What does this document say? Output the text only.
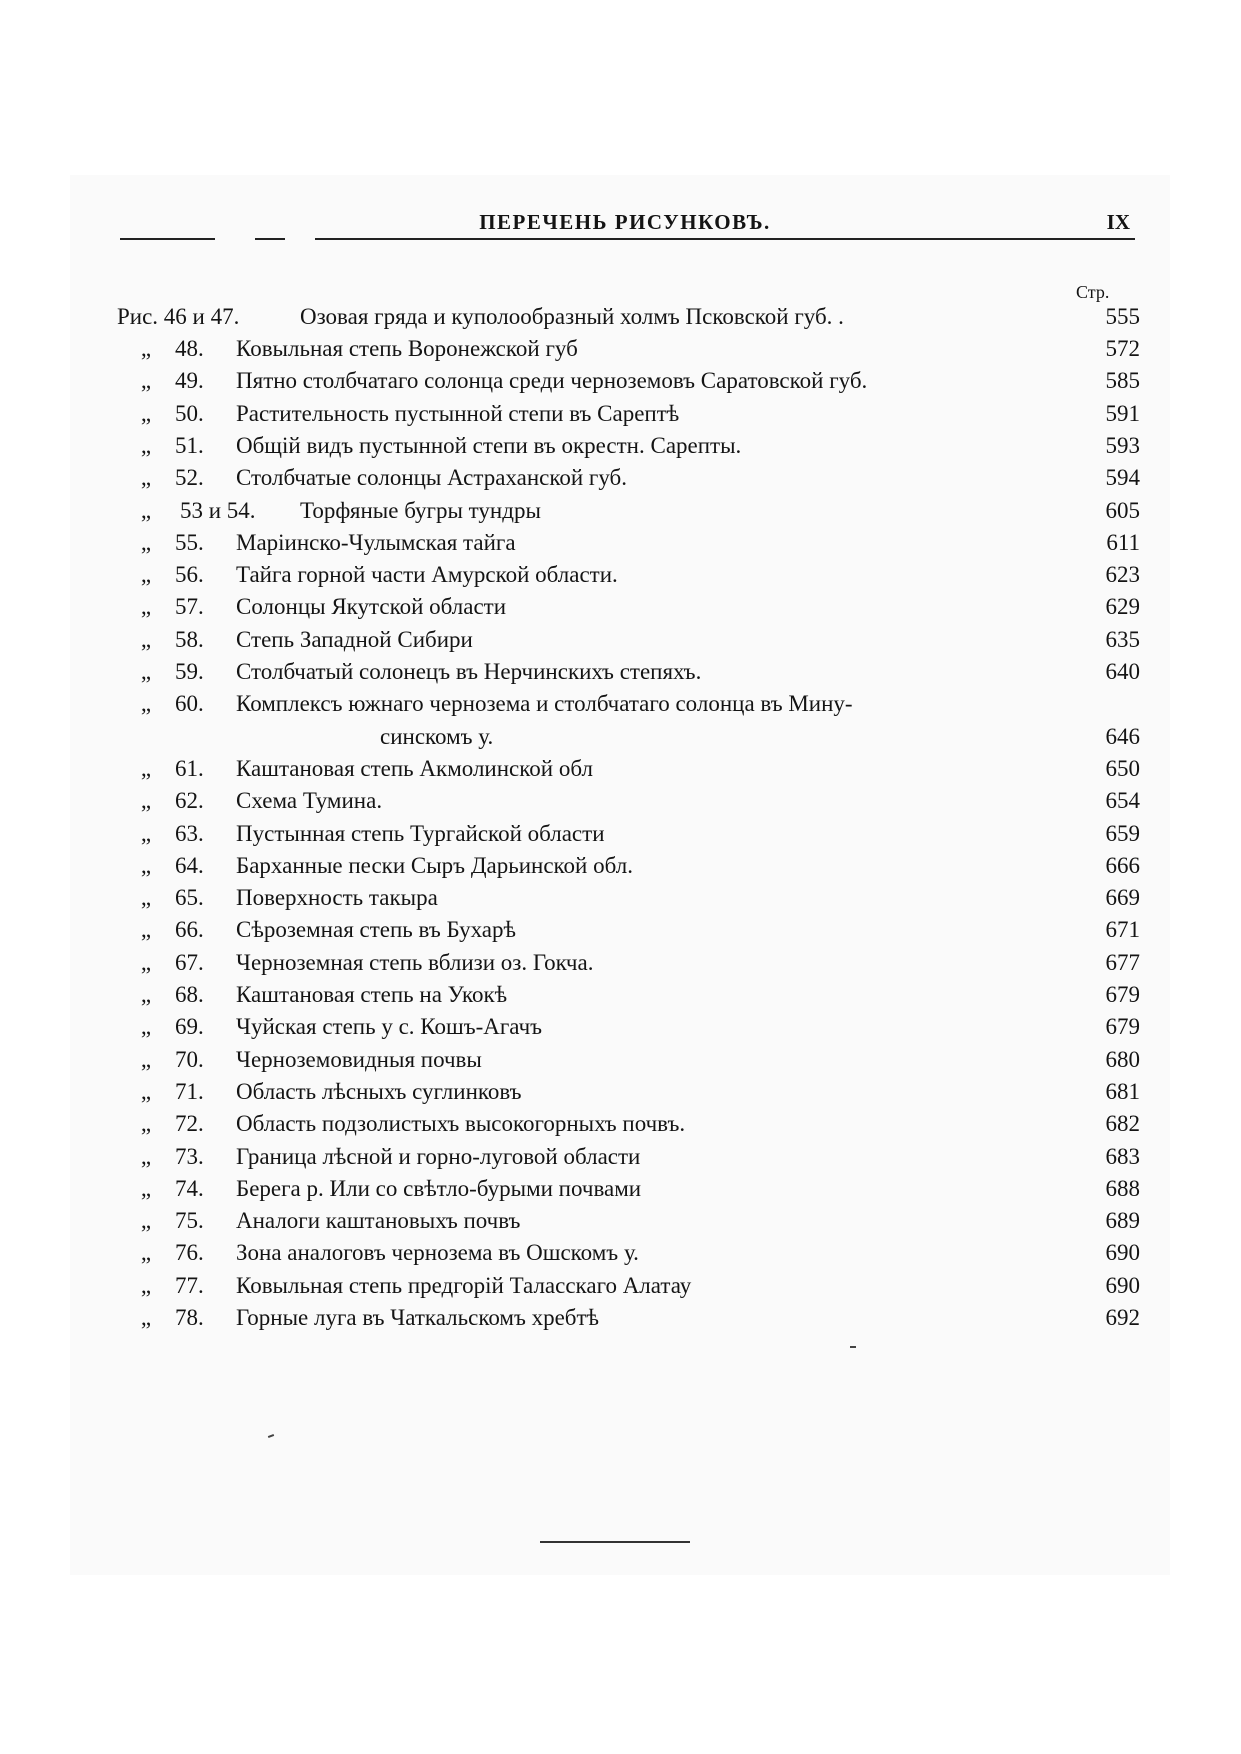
ПЕРЕЧЕНЬ РИСУНКОВЪ.	IX
Стр.
Рис. 46 и 47.	Озовая гряда и куполообразный холмъ Псковской губ. .	555
„ 48. Ковыльная степь Воронежской губ	572
„ 49. Пятно столбчатаго солонца среди черноземовъ Саратовской губ.	585
„ 50. Растительность пустынной степи въ Сарептѣ	591
„ 51. Общій видъ пустынной степи въ окрестн. Сарепты.	593
„ 52. Столбчатые солонцы Астраханской губ.	594
„ 53 и 54. Торфяные бугры тундры	605
„ 55. Маріинско-Чулымская тайга	611
„ 56. Тайга горной части Амурской области.	623
„ 57. Солонцы Якутской области	629
„ 58. Степь Западной Сибири	635
„ 59. Столбчатый солонецъ въ Нерчинскихъ степяхъ.	640
„ 60. Комплексъ южнаго чернозема и столбчатаго солонца въ Мину-
синскомъ у.	646
„ 61. Каштановая степь Акмолинской обл	650
„ 62. Схема Тумина.	654
„ 63. Пустынная степь Тургайской области	659
„ 64. Барханные пески Сыръ Дарьинской обл.	666
„ 65. Поверхность такыра	669
„ 66. Сѣроземная степь въ Бухарѣ	671
„ 67. Черноземная степь вблизи оз. Гокча.	677
„ 68. Каштановая степь на Укокѣ	679
„ 69. Чуйская степь у с. Кошъ-Агачъ	679
„ 70. Черноземовидныя почвы	680
„ 71. Область лѣсныхъ суглинковъ	681
„ 72. Область подзолистыхъ высокогорныхъ почвъ.	682
„ 73. Граница лѣсной и горно-луговой области	683
„ 74. Берега р. Или со свѣтло-бурыми почвами	688
„ 75. Аналоги каштановыхъ почвъ	689
„ 76. Зона аналоговъ чернозема въ Ошскомъ у.	690
„ 77. Ковыльная степь предгорій Таласскаго Алатау	690
„ 78. Горные луга въ Чаткальскомъ хребтѣ	692
